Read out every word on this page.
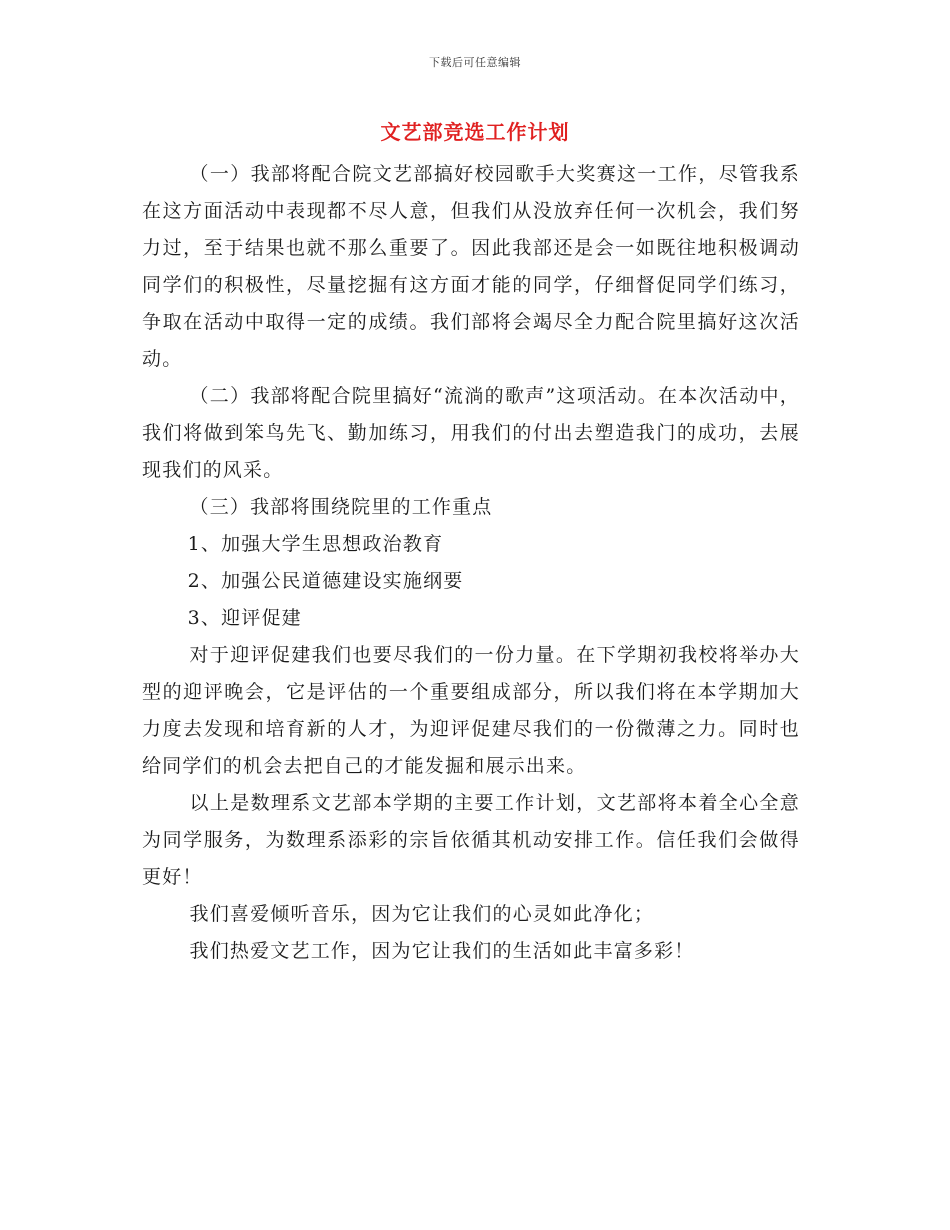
下载后可任意编辑
文艺部竞选工作计划

（一）我部将配合院文艺部搞好校园歌手大奖赛这一工作，尽管我系在这方面活动中表现都不尽人意，但我们从没放弃任何一次机会，我们努力过，至于结果也就不那么重要了。因此我部还是会一如既往地积极调动同学们的积极性，尽量挖掘有这方面才能的同学，仔细督促同学们练习，争取在活动中取得一定的成绩。我们部将会竭尽全力配合院里搞好这次活动。

（二）我部将配合院里搞好“流淌的歌声”这项活动。在本次活动中，我们将做到笨鸟先飞、勤加练习，用我们的付出去塑造我门的成功，去展现我们的风采。

（三）我部将围绕院里的工作重点

1、加强大学生思想政治教育

2、加强公民道德建设实施纲要

3、迎评促建

对于迎评促建我们也要尽我们的一份力量。在下学期初我校将举办大型的迎评晚会，它是评估的一个重要组成部分，所以我们将在本学期加大力度去发现和培育新的人才，为迎评促建尽我们的一份微薄之力。同时也给同学们的机会去把自己的才能发掘和展示出来。

以上是数理系文艺部本学期的主要工作计划，文艺部将本着全心全意为同学服务，为数理系添彩的宗旨依循其机动安排工作。信任我们会做得更好！

我们喜爱倾听音乐，因为它让我们的心灵如此净化；

我们热爱文艺工作，因为它让我们的生活如此丰富多彩！
